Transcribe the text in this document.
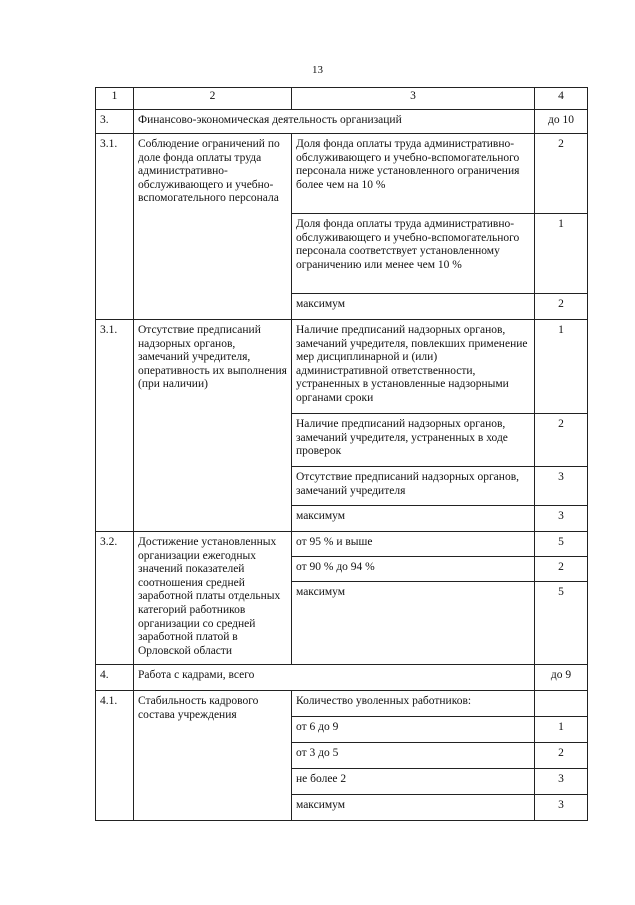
13
1	2	3	4
3.	Финансово-экономическая деятельность организаций		до 10
3.1.	Соблюдение ограничений по доле фонда оплаты труда административно-обслуживающего и учебно-вспомогательного персонала	Доля фонда оплаты труда административно-обслуживающего и учебно-вспомогательного персонала ниже установленного ограничения более чем на 10 %	2
		Доля фонда оплаты труда административно-обслуживающего и учебно-вспомогательного персонала соответствует установленному ограничению или менее чем 10 %	1
		максимум	2
3.1.	Отсутствие предписаний надзорных органов, замечаний учредителя, оперативность их выполнения (при наличии)	Наличие предписаний надзорных органов, замечаний учредителя, повлекших применение мер дисциплинарной и (или) административной ответственности, устраненных в установленные надзорными органами сроки	1
		Наличие предписаний надзорных органов, замечаний учредителя, устраненных в ходе проверок	2
		Отсутствие предписаний надзорных органов, замечаний учредителя	3
		максимум	3
3.2.	Достижение установленных организации ежегодных значений показателей соотношения средней заработной платы отдельных категорий работников организации со средней заработной платой в Орловской области	от 95 % и выше	5
		от 90 % до 94 %	2
		максимум	5
4.	Работа с кадрами, всего		до 9
4.1.	Стабильность кадрового состава учреждения	Количество уволенных работников:	
		от 6 до 9	1
		от 3 до 5	2
		не более 2	3
		максимум	3
